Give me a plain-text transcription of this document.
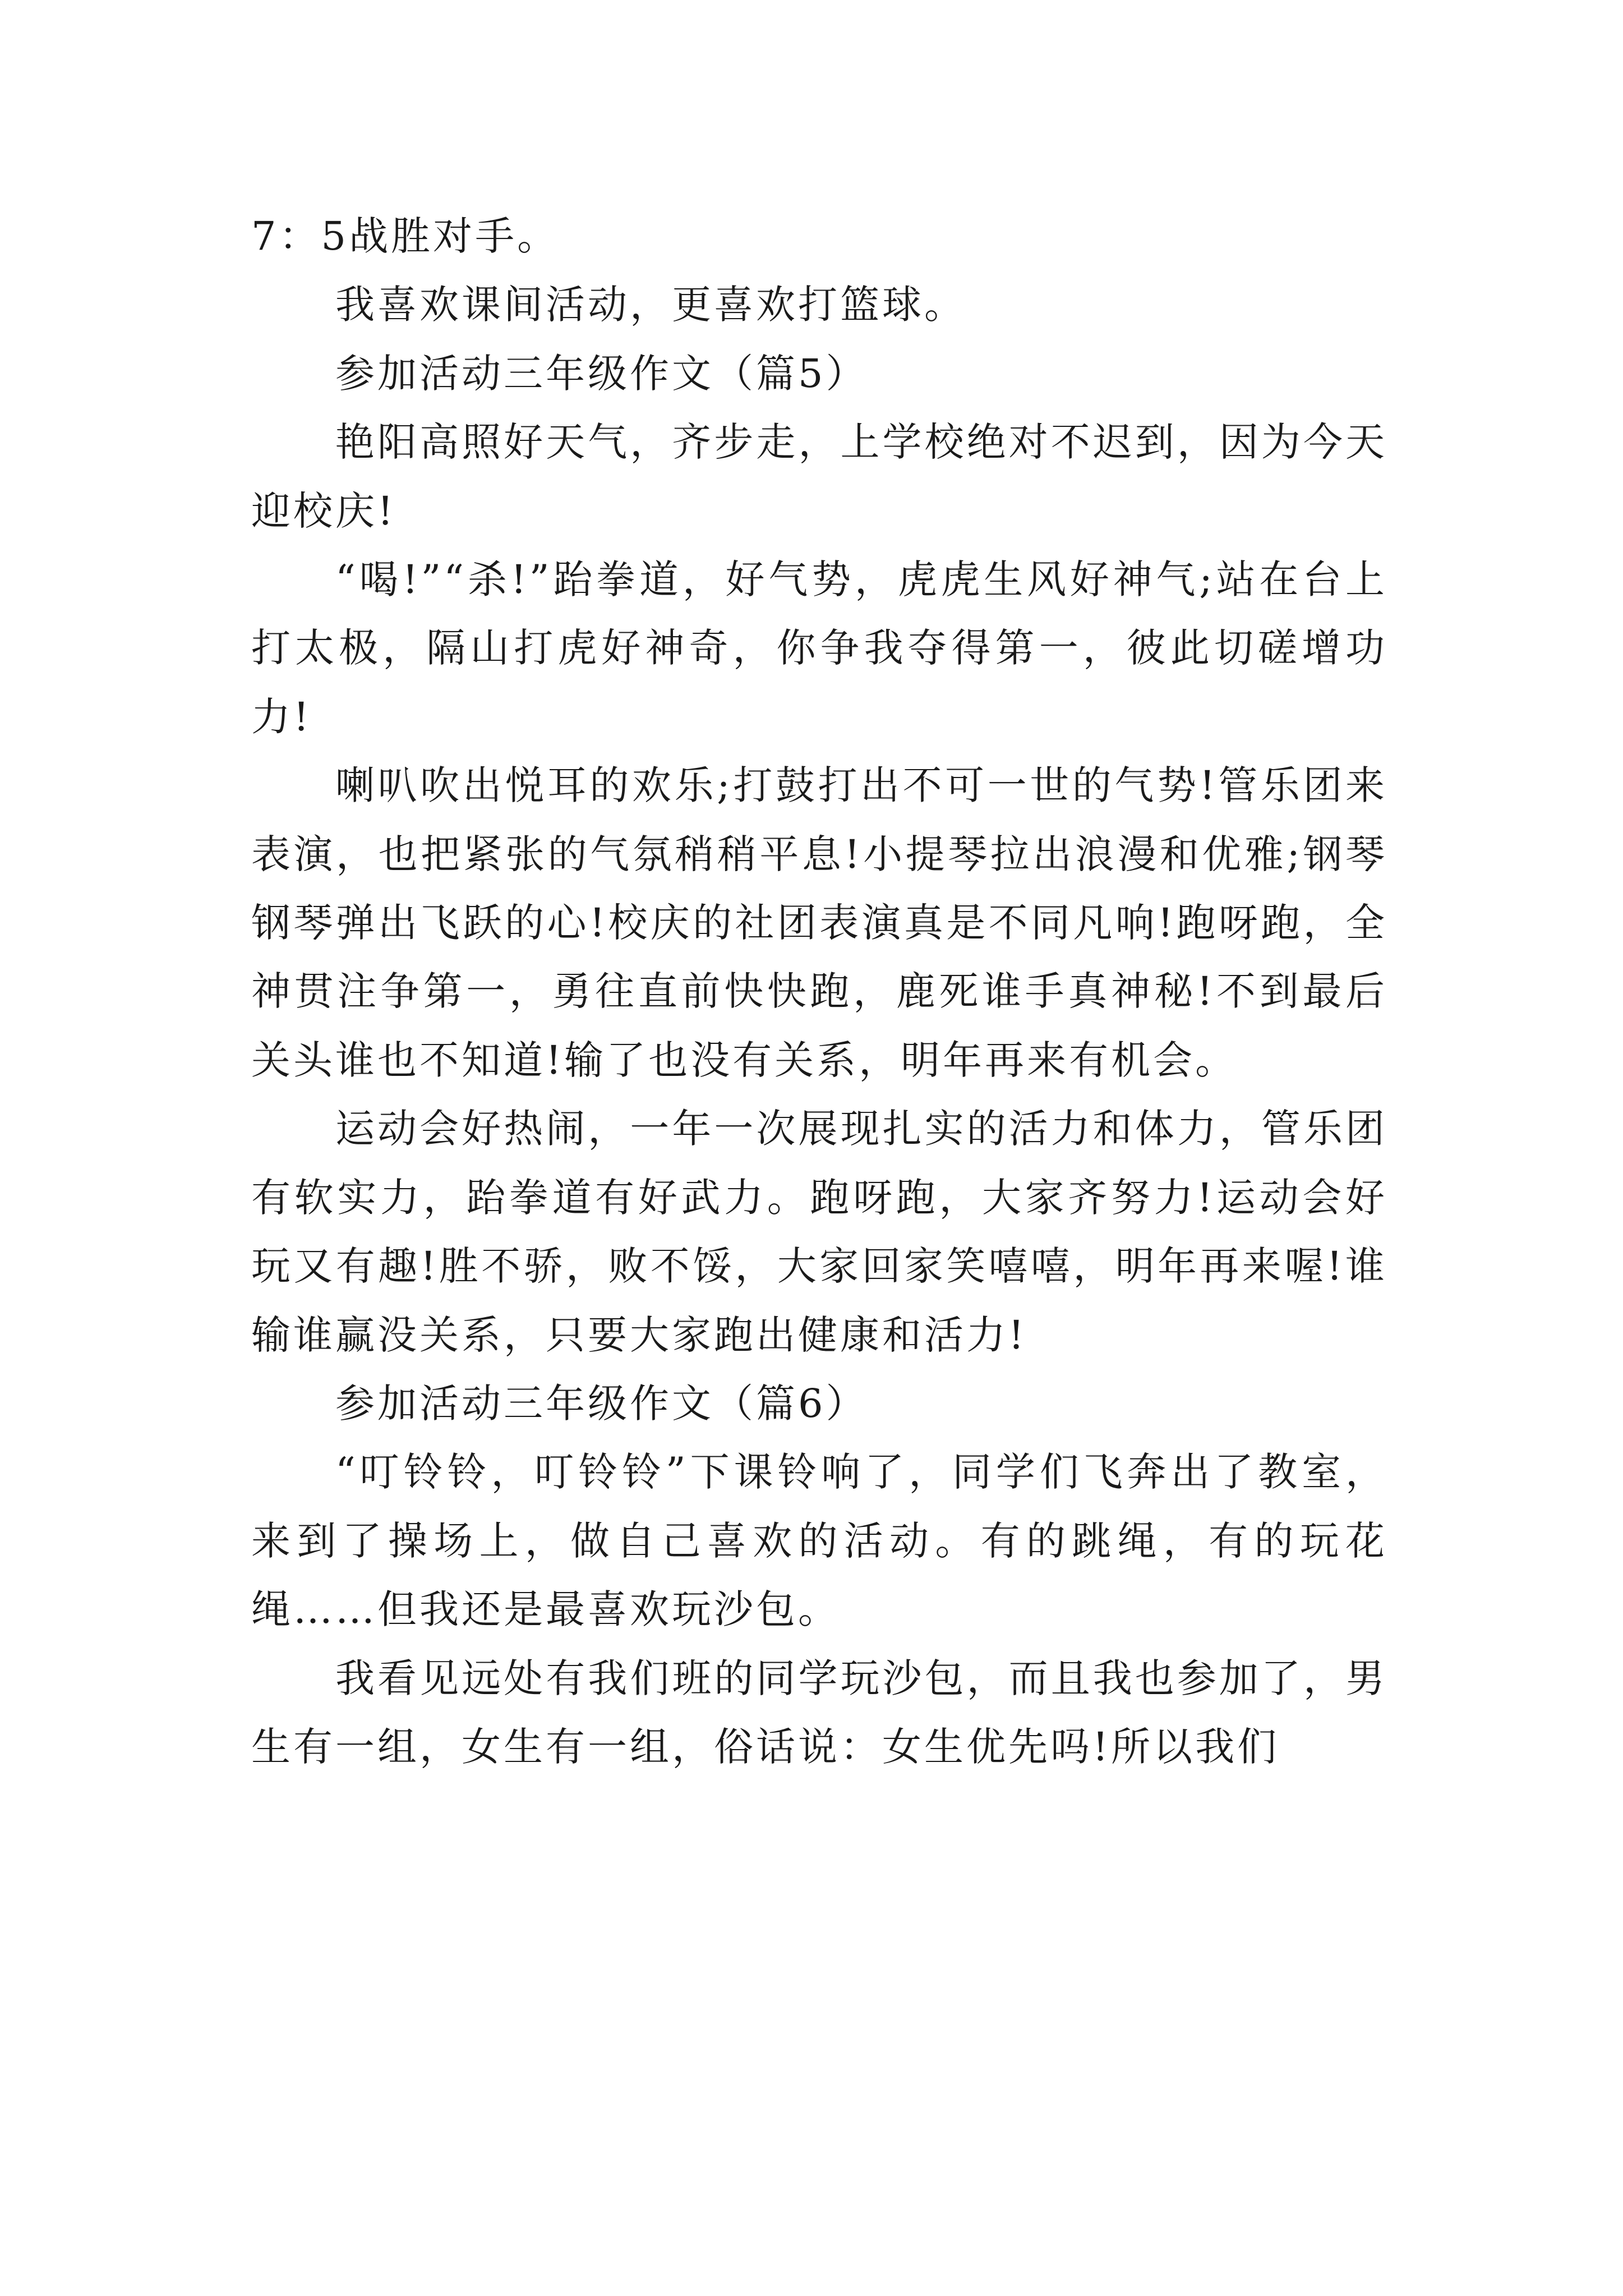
7：5战胜对手。

我喜欢课间活动，更喜欢打篮球。

参加活动三年级作文（篇5）

艳阳高照好天气，齐步走，上学校绝对不迟到，因为今天迎校庆!

“喝!”“杀!”跆拳道，好气势，虎虎生风好神气;站在台上打太极，隔山打虎好神奇，你争我夺得第一，彼此切磋增功力!

喇叭吹出悦耳的欢乐;打鼓打出不可一世的气势!管乐团来表演，也把紧张的气氛稍稍平息!小提琴拉出浪漫和优雅;钢琴钢琴弹出飞跃的心!校庆的社团表演真是不同凡响!跑呀跑，全神贯注争第一，勇往直前快快跑，鹿死谁手真神秘!不到最后关头谁也不知道!输了也没有关系，明年再来有机会。

运动会好热闹，一年一次展现扎实的活力和体力，管乐团有软实力，跆拳道有好武力。跑呀跑，大家齐努力!运动会好玩又有趣!胜不骄，败不馁，大家回家笑嘻嘻，明年再来喔!谁输谁赢没关系，只要大家跑出健康和活力!

参加活动三年级作文（篇6）

“叮铃铃，叮铃铃”下课铃响了，同学们飞奔出了教室，来到了操场上，做自己喜欢的活动。有的跳绳，有的玩花绳……但我还是最喜欢玩沙包。

我看见远处有我们班的同学玩沙包，而且我也参加了，男生有一组，女生有一组，俗话说：女生优先吗!所以我们
